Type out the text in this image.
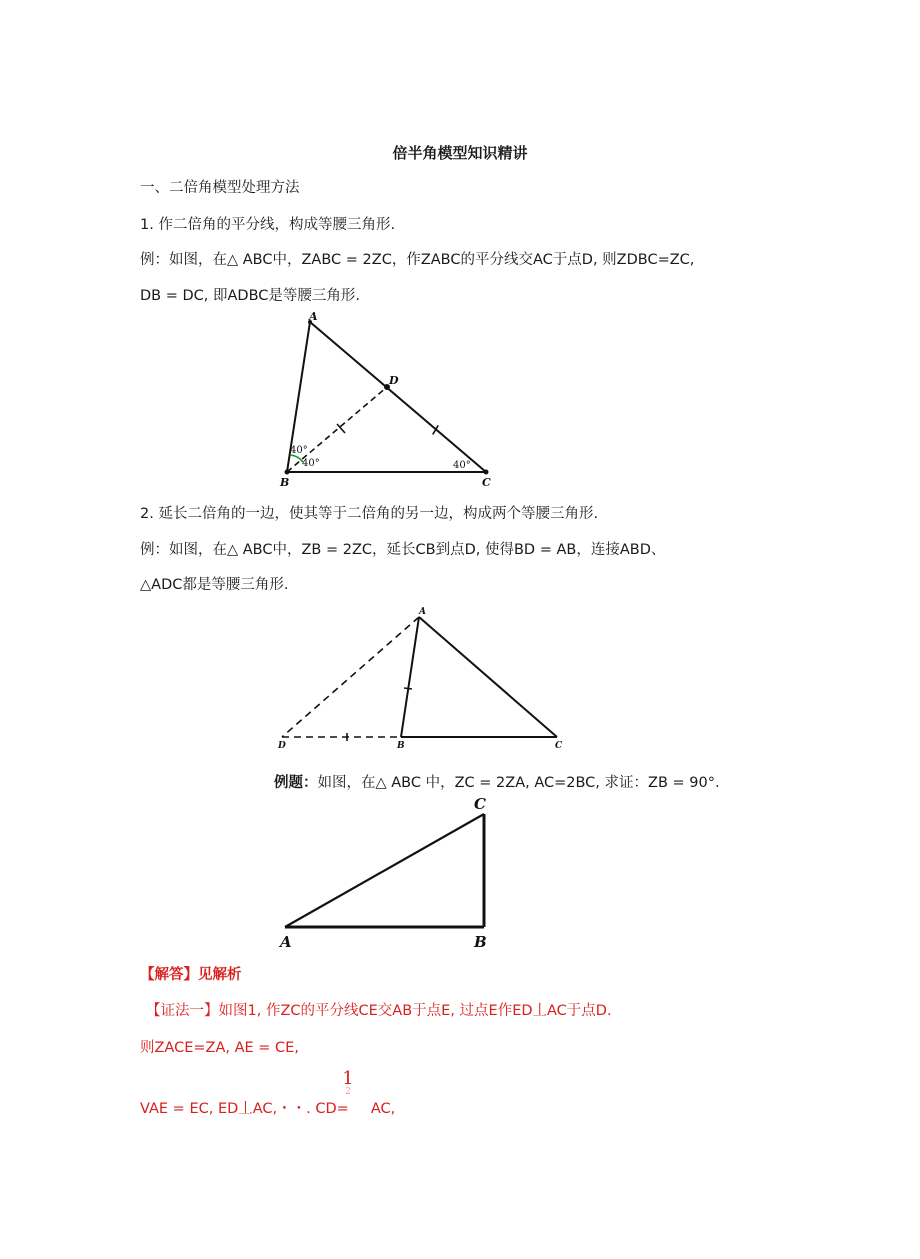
倍半角模型知识精讲
一、二倍角模型处理方法
1. 作二倍角的平分线，构成等腰三角形.
例：如图，在△ ABC中，ZABC = 2ZC，作ZABC的平分线交AC于点D, 则ZDBC=ZC,
DB = DC, 即ADBC是等腰三角形.
A
D
B	C
40°
40°	40°
2. 延长二倍角的一边，使其等于二倍角的另一边，构成两个等腰三角形.
例：如图，在△ ABC中，ZB = 2ZC，延长CB到点D, 使得BD = AB，连接ABD、
△ADC都是等腰三角形.
A
D	B	C
例题：如图，在△ ABC 中，ZC = 2ZA, AC=2BC, 求证：ZB = 90°.
A	B
C
【解答】见解析
【证法一】如图1, 作ZC的平分线CE交AB于点E, 过点E作ED丄AC于点D.
则ZACE=ZA, AE = CE,
VAE = EC, ED丄AC,・・. CD= AC,
1
2
